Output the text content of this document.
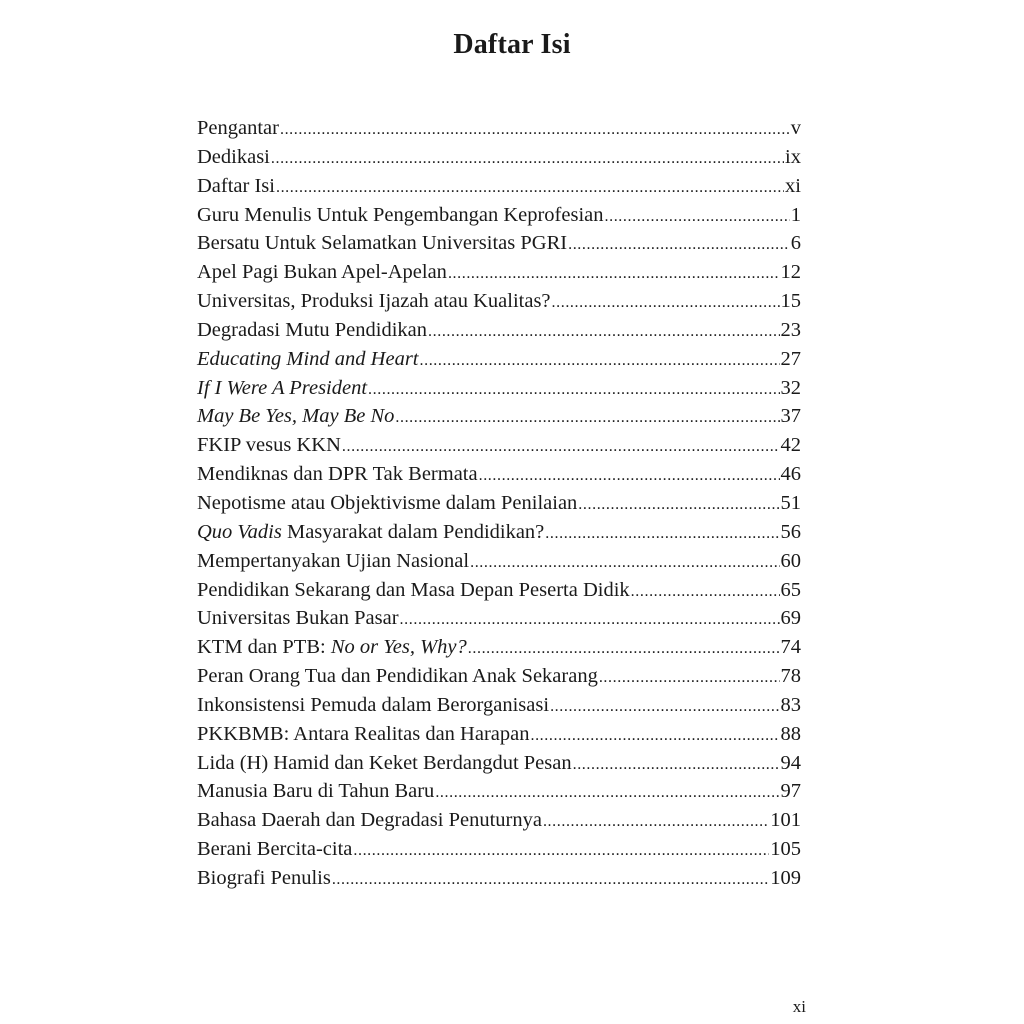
Daftar Isi
Pengantar .....	v
Dedikasi .....	ix
Daftar Isi .....	xi
Guru Menulis Untuk Pengembangan Keprofesian .....	1
Bersatu Untuk Selamatkan Universitas PGRI .....	6
Apel Pagi Bukan Apel-Apelan .....	12
Universitas, Produksi Ijazah atau Kualitas? .....	15
Degradasi Mutu Pendidikan .....	23
Educating Mind and Heart .....	27
If I Were A President .....	32
May Be Yes, May Be No .....	37
FKIP vesus KKN .....	42
Mendiknas dan DPR Tak Bermata .....	46
Nepotisme atau Objektivisme dalam Penilaian .....	51
Quo Vadis Masyarakat dalam Pendidikan? .....	56
Mempertanyakan Ujian Nasional .....	60
Pendidikan Sekarang dan Masa Depan Peserta Didik .....	65
Universitas Bukan Pasar .....	69
KTM dan PTB: No or Yes, Why? .....	74
Peran Orang Tua dan Pendidikan Anak Sekarang .....	78
Inkonsistensi Pemuda dalam Berorganisasi .....	83
PKKBMB: Antara Realitas dan Harapan .....	88
Lida (H) Hamid dan Keket Berdangdut Pesan .....	94
Manusia Baru di Tahun Baru .....	97
Bahasa Daerah dan Degradasi Penuturnya .....	101
Berani Bercita-cita .....	105
Biografi Penulis .....	109
xi
